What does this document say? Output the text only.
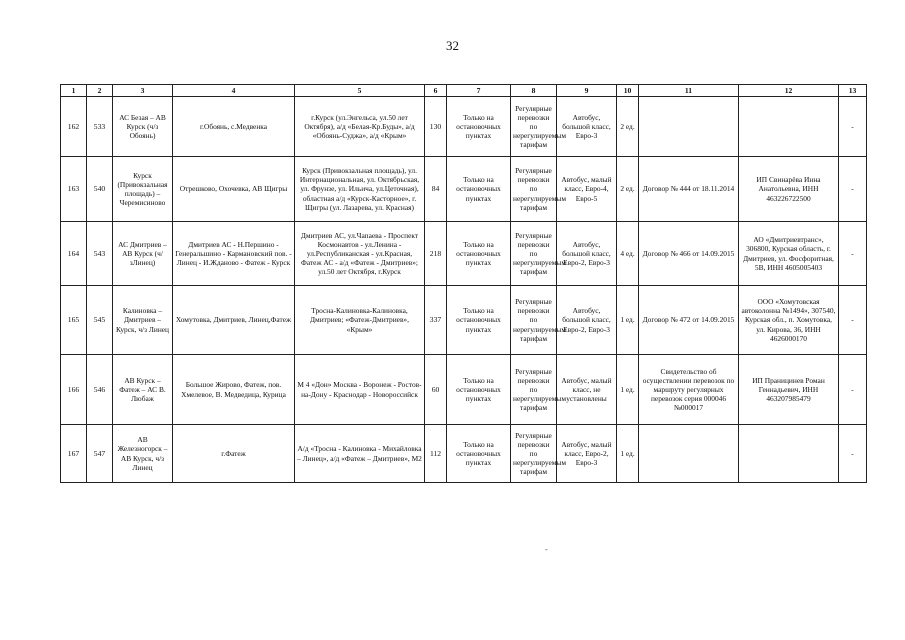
32
1	2	3	4	5	6	7	8	9	10	11	12	13
162	533	АС Безая – АВ Курск (ч/з Обоянь)	г.Обоянь, с.Медвенка	г.Курск (ул.Энгельса, ул.50 лет Октября), а/д «Белая-Кр.Буды», а/д «Обоянь-Суджа», а/д «Крым»	130	Только на остановочных пунктах	Регулярные перевозки по нерегулируемым тарифам	Автобус, большой класс, Евро-3	2 ед.			-
163	540	Курск (Привокзальная площадь) – Черемисиново	Отрешково, Охочевка, АВ Щигры	Курск (Привокзальная площадь), ул. Интернациональная, ул. Октябрьская, ул. Фрунзе, ул. Ильича, ул.Цеточная), областная а/д «Курск-Касторное», г. Щигры (ул. Лазарева, ул. Красная)	84	Только на остановочных пунктах	Регулярные перевозки по нерегулируемым тарифам	Автобус, малый класс, Евро-4, Евро-5	2 ед.	Договор № 444 от 18.11.2014	ИП Свинарёва Инна Анатольевна, ИНН 463226722500	-
164	543	АС Дмитриев – АВ Курск (ч/зЛинец)	Дмитриев АС - Н.Першино - Генеральшино - Кармановский пов. - Линец - И.Жданово - Фатеж - Курск	Дмитриев АС, ул.Чапаева - Проспект Космонавтов - ул.Ленина - ул.Республиканская - ул.Красная, Фатеж АС - а/д «Фатеж - Дмитриев»; ул.50 лет Октября, г.Курск	218	Только на остановочных пунктах	Регулярные перевозки по нерегулируемым тарифам	Автобус, большой класс, Евро-2, Евро-3	4 ед.	Договор № 466 от 14.09.2015	АО «Дмитриевтранс», 306800, Курская область, г. Дмитриев, ул. Фосфоритная, 5В, ИНН 4605005403	-
165	545	Калиновка – Дмитриев – Курск, ч/з Линец	Хомутовка, Дмитриев, Линец,Фатеж	Тросна-Калиновка-Калиновка, Дмитриев; «Фатеж-Дмитриев», «Крым»	337	Только на остановочных пунктах	Регулярные перевозки по нерегулируемым тарифам	Автобус, большой класс, Евро-2, Евро-3	1 ед.	Договор № 472 от 14.09.2015	ООО «Хомутовская автоколонна №1494», 307540, Курская обл., п. Хомутовка, ул. Кирова, 36, ИНН 4626000170	-
166	546	АВ Курск – Фатеж – АС В. Любаж	Большое Жирово, Фатеж, пов. Хмелевое, В. Медведица, Курица	М 4 «Дон» Москва - Воронеж - Ростов-на-Дону - Краснодар - Новороссийск	60	Только на остановочных пунктах	Регулярные перевозки по нерегулируемым тарифам	Автобус, малый класс, не установлены	1 ед.	Свидетельство об осуществлении перевозок по маршруту регулярных перевозок серия 000046 №000017	ИП Праницинев Роман Геннадьевич, ИНН 463207985479	-
167	547	АВ Железногорск – АВ Курск, ч/з Линец	г.Фатеж	А/д «Тросна - Калиновка - Михайловка – Линец», а/д «Фатеж – Дмитриев», М2	112	Только на остановочных пунктах	Регулярные перевозки по нерегулируемым тарифам	Автобус, малый класс, Евро-2, Евро-3	1 ед.			-
-
